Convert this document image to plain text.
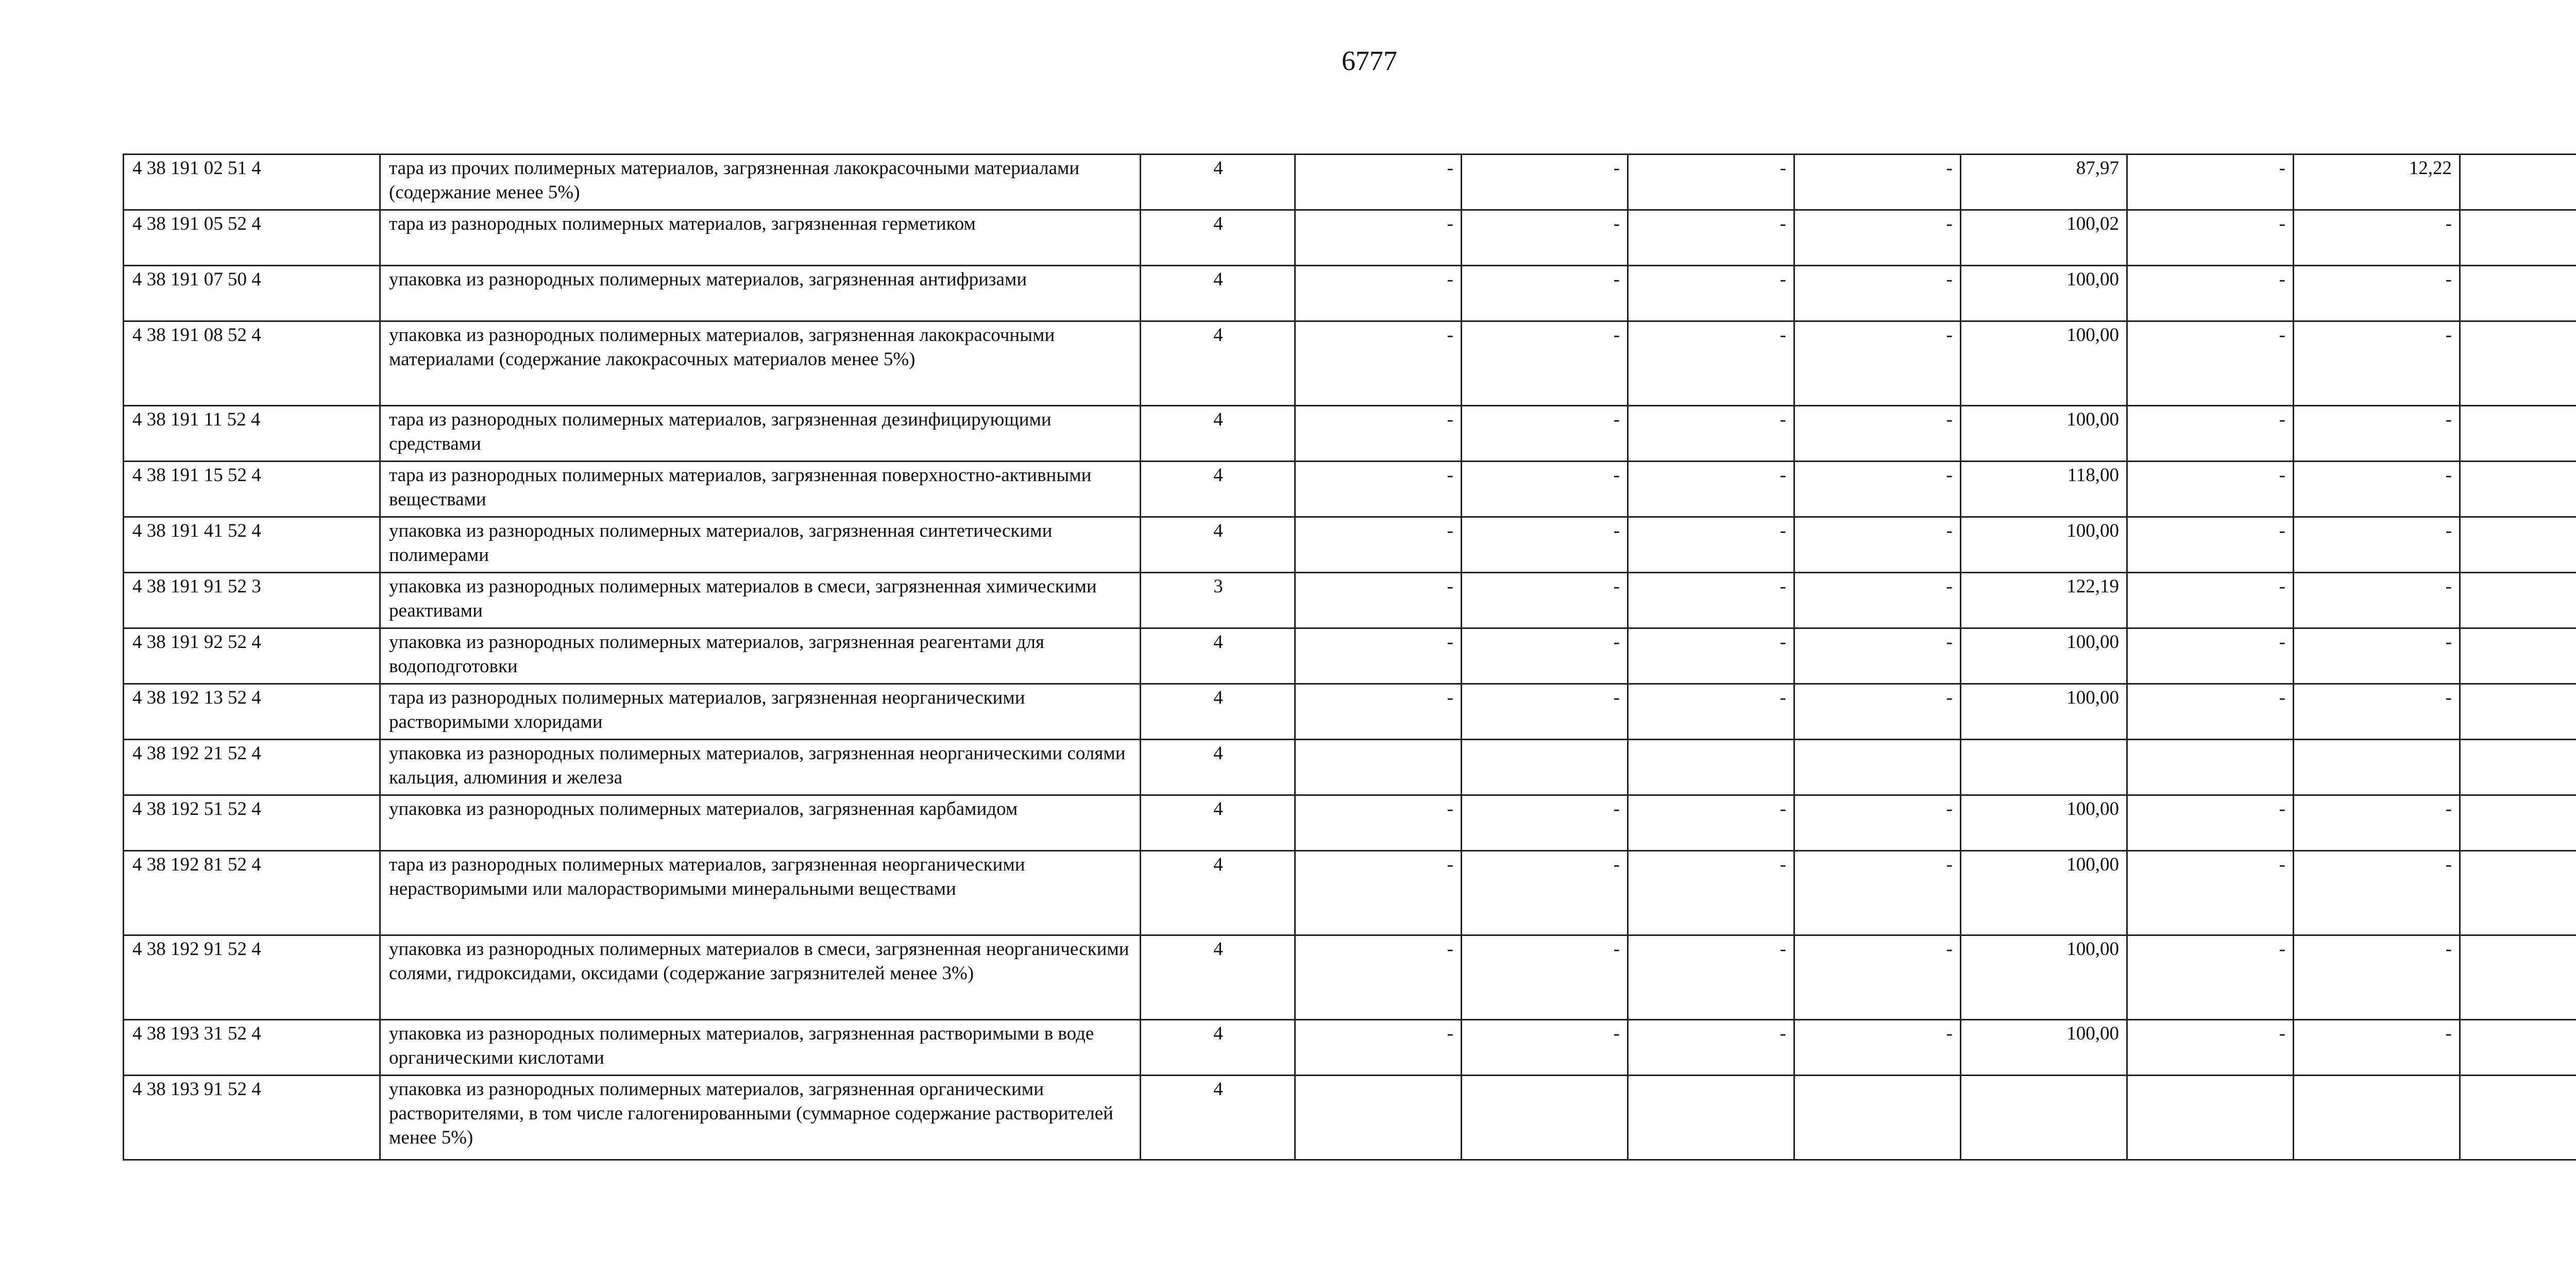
6777
4 38 191 02 51 4	тара из прочих полимерных материалов, загрязненная лакокрасочными материалами (содержание менее 5%)	4	-	-	-	-	87,97	-	12,22	
4 38 191 05 52 4	тара из разнородных полимерных материалов, загрязненная герметиком	4	-	-	-	-	100,02	-	-	
4 38 191 07 50 4	упаковка из разнородных полимерных материалов, загрязненная антифризами	4	-	-	-	-	100,00	-	-	
4 38 191 08 52 4	упаковка из разнородных полимерных материалов, загрязненная лакокрасочными материалами (содержание лакокрасочных материалов менее 5%)	4	-	-	-	-	100,00	-	-	
4 38 191 11 52 4	тара из разнородных полимерных материалов, загрязненная дезинфицирующими средствами	4	-	-	-	-	100,00	-	-	
4 38 191 15 52 4	тара из разнородных полимерных материалов, загрязненная поверхностно-активными веществами	4	-	-	-	-	118,00	-	-	
4 38 191 41 52 4	упаковка из разнородных полимерных материалов, загрязненная синтетическими полимерами	4	-	-	-	-	100,00	-	-	
4 38 191 91 52 3	упаковка из разнородных полимерных материалов в смеси, загрязненная химическими реактивами	3	-	-	-	-	122,19	-	-	
4 38 191 92 52 4	упаковка из разнородных полимерных материалов, загрязненная реагентами для водоподготовки	4	-	-	-	-	100,00	-	-	
4 38 192 13 52 4	тара из разнородных полимерных материалов, загрязненная неорганическими растворимыми хлоридами	4	-	-	-	-	100,00	-	-	
4 38 192 21 52 4	упаковка из разнородных полимерных материалов, загрязненная неорганическими солями кальция, алюминия и железа	4								
4 38 192 51 52 4	упаковка из разнородных полимерных материалов, загрязненная карбамидом	4	-	-	-	-	100,00	-	-	
4 38 192 81 52 4	тара из разнородных полимерных материалов, загрязненная неорганическими нерастворимыми или малорастворимыми минеральными веществами	4	-	-	-	-	100,00	-	-	
4 38 192 91 52 4	упаковка из разнородных полимерных материалов в смеси, загрязненная неорганическими солями, гидроксидами, оксидами (содержание загрязнителей менее 3%)	4	-	-	-	-	100,00	-	-	
4 38 193 31 52 4	упаковка из разнородных полимерных материалов, загрязненная растворимыми в воде органическими кислотами	4	-	-	-	-	100,00	-	-	
4 38 193 91 52 4	упаковка из разнородных полимерных материалов, загрязненная органическими растворителями, в том числе галогенированными (суммарное содержание растворителей менее 5%)	4								
